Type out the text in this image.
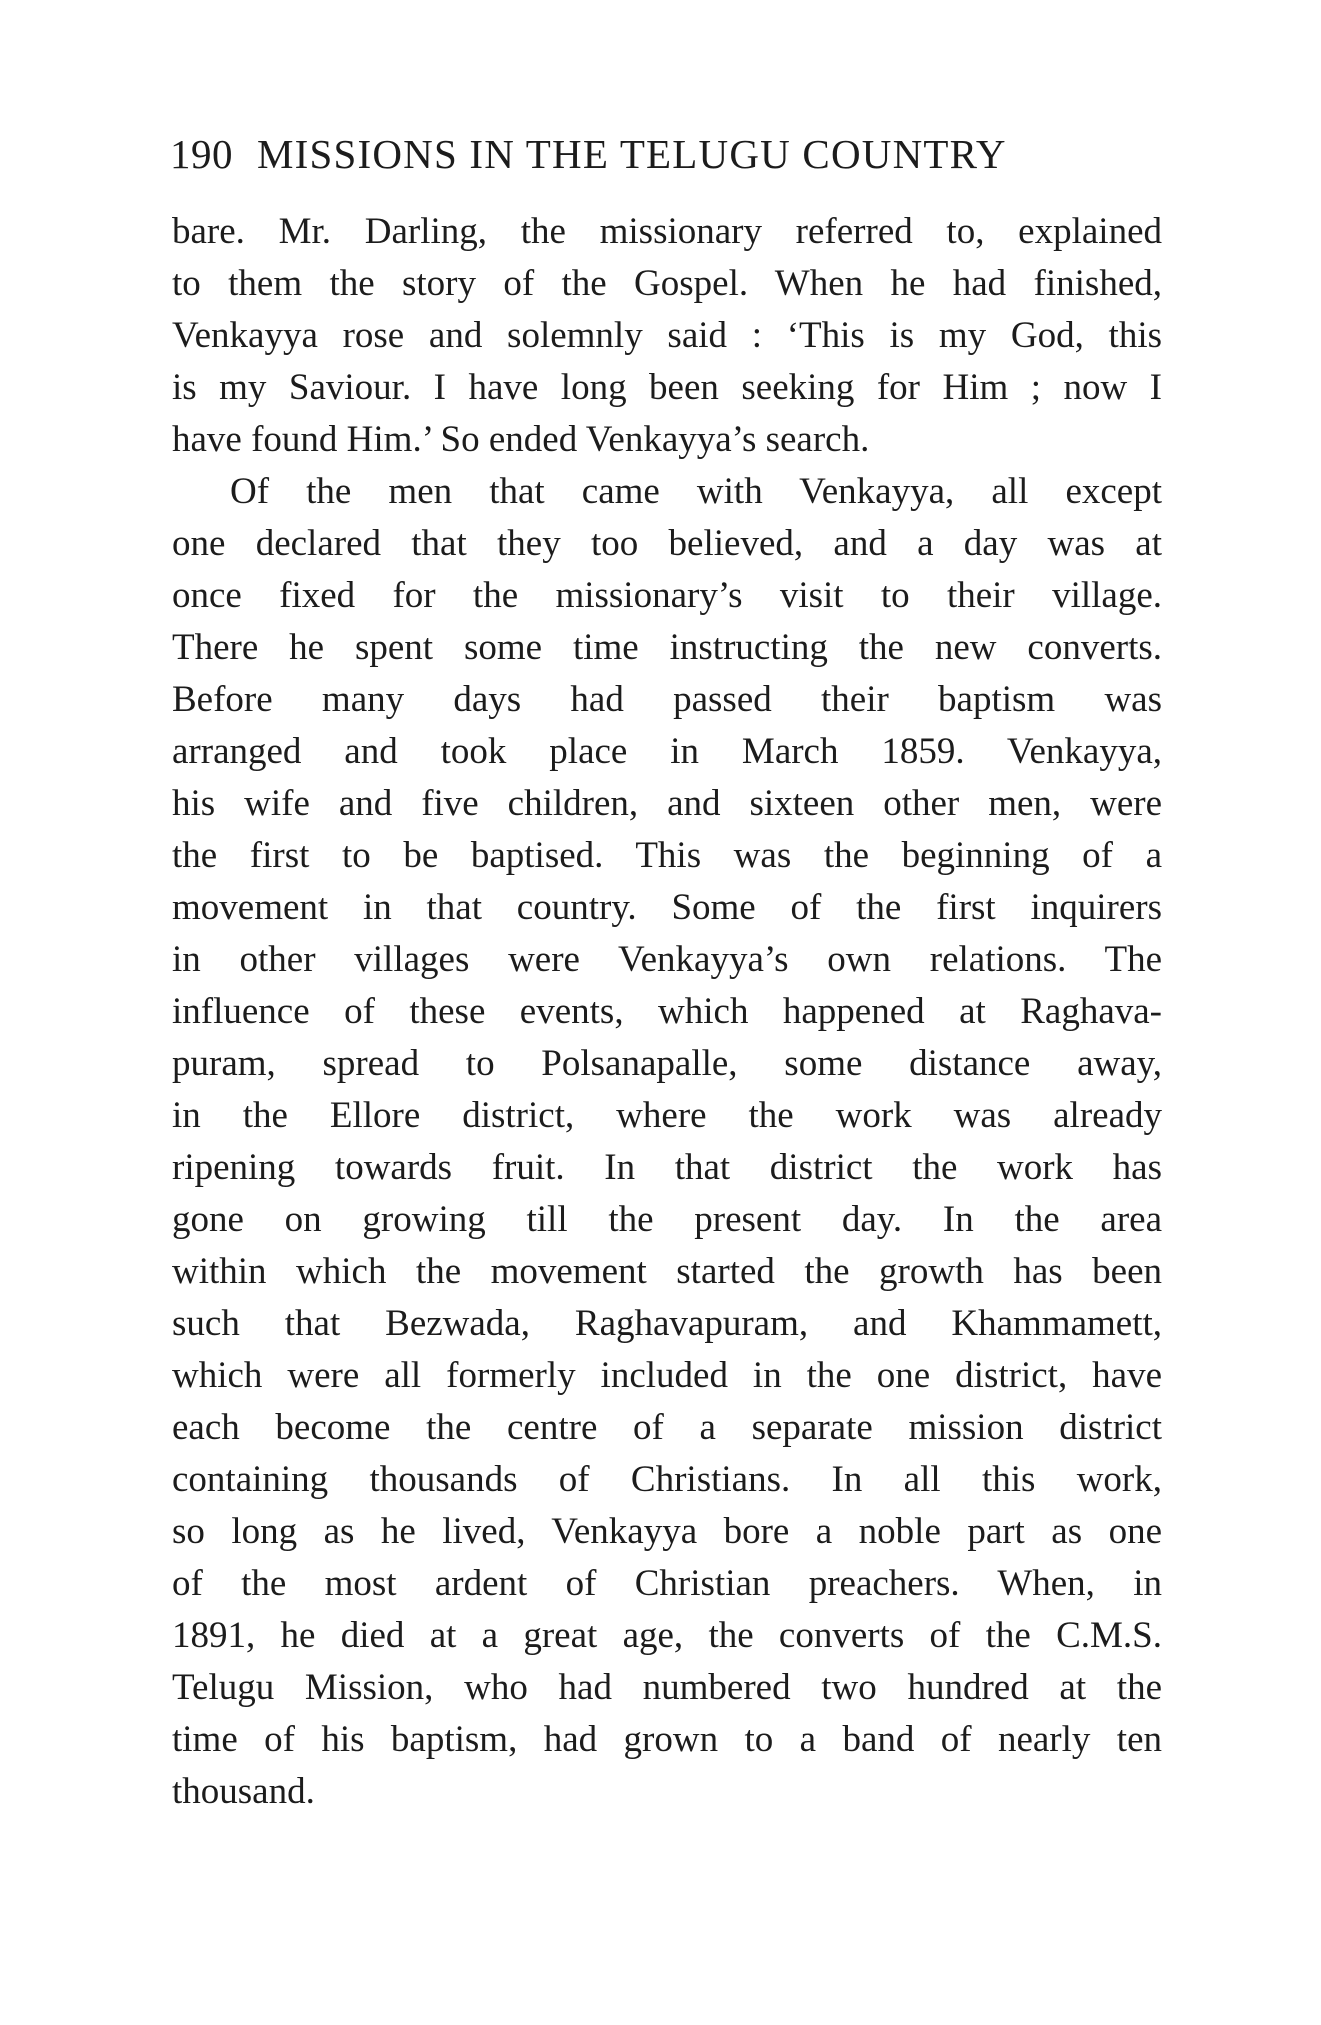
190 MISSIONS IN THE TELUGU COUNTRY
bare. Mr. Darling, the missionary referred to, explained
to them the story of the Gospel. When he had finished,
Venkayya rose and solemnly said : ‘This is my God, this
is my Saviour. I have long been seeking for Him ; now I
have found Him.’ So ended Venkayya’s search.
Of the men that came with Venkayya, all except
one declared that they too believed, and a day was at
once fixed for the missionary’s visit to their village.
There he spent some time instructing the new converts.
Before many days had passed their baptism was
arranged and took place in March 1859. Venkayya,
his wife and five children, and sixteen other men, were
the first to be baptised. This was the beginning of a
movement in that country. Some of the first inquirers
in other villages were Venkayya’s own relations. The
influence of these events, which happened at Raghava-
puram, spread to Polsanapalle, some distance away,
in the Ellore district, where the work was already
ripening towards fruit. In that district the work has
gone on growing till the present day. In the area
within which the movement started the growth has been
such that Bezwada, Raghavapuram, and Khammamett,
which were all formerly included in the one district, have
each become the centre of a separate mission district
containing thousands of Christians. In all this work,
so long as he lived, Venkayya bore a noble part as one
of the most ardent of Christian preachers. When, in
1891, he died at a great age, the converts of the C.M.S.
Telugu Mission, who had numbered two hundred at the
time of his baptism, had grown to a band of nearly ten
thousand.
